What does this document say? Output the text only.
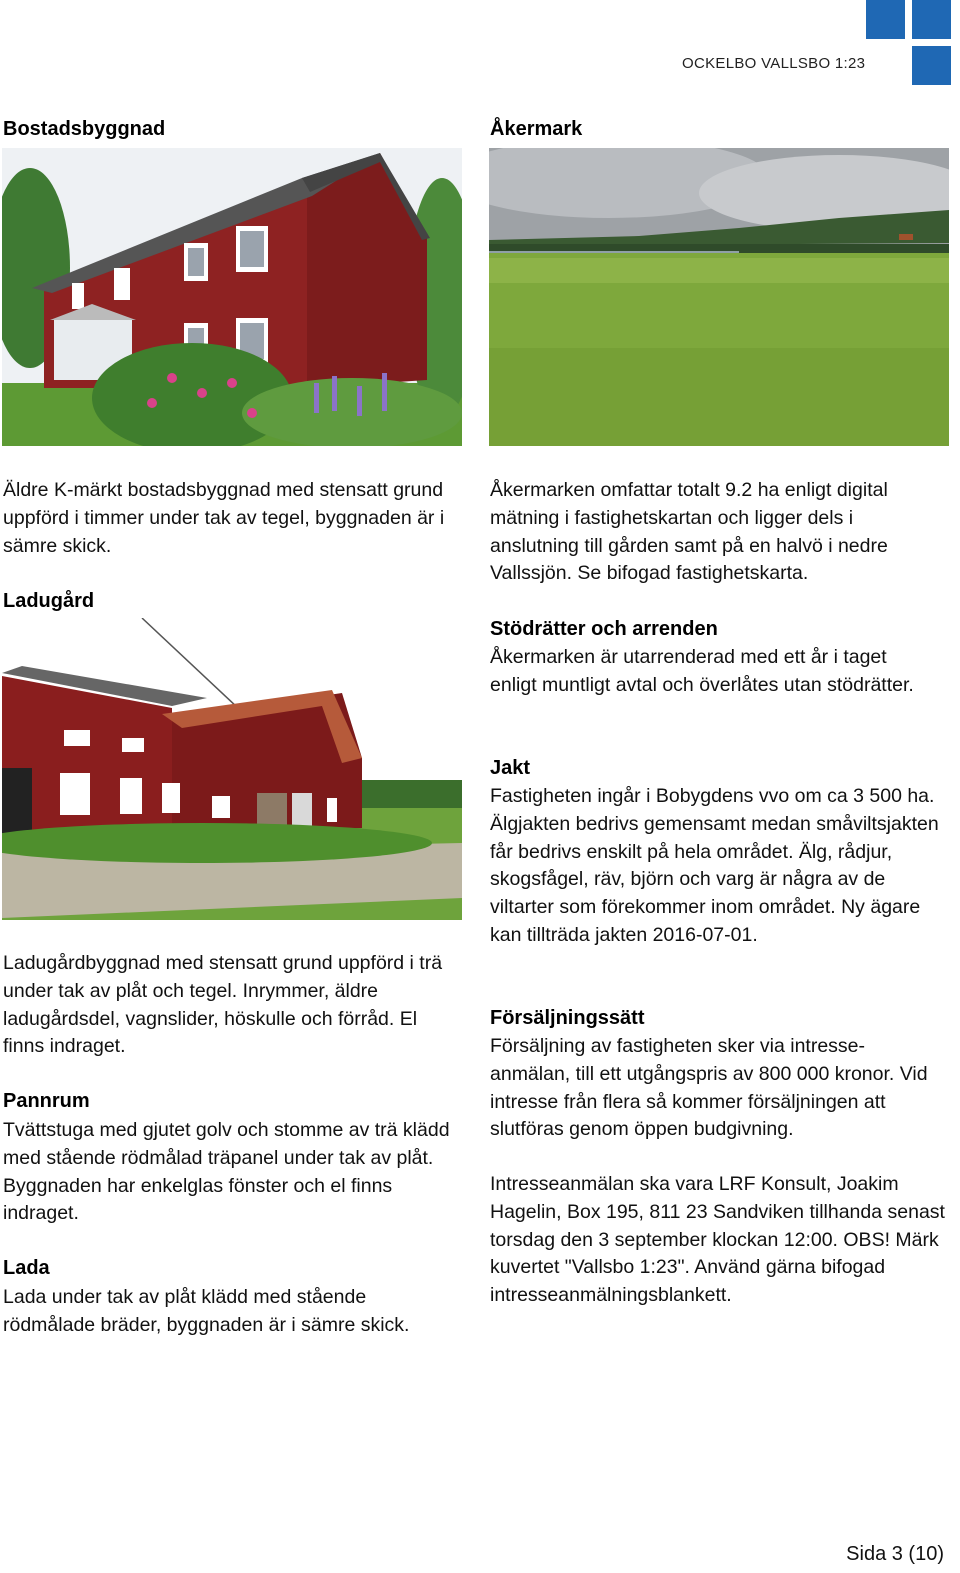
OCKELBO VALLSBO 1:23
Bostadsbyggnad

Äldre K-märkt bostadsbyggnad med stensatt grund uppförd i timmer under tak av tegel, byggnaden är i sämre skick.

Ladugård

Ladugårdbyggnad med stensatt grund uppförd i trä under tak av plåt och tegel. Inrymmer, äldre ladugårdsdel, vagnslider, höskulle och förråd. El finns indraget.

Pannrum

Tvättstuga med gjutet golv och stomme av trä klädd med stående rödmålad träpanel under tak av plåt. Byggnaden har enkelglas fönster och el finns indraget.

Lada

Lada under tak av plåt klädd med stående rödmålade bräder, byggnaden är i sämre skick.

Åkermark

Åkermarken omfattar totalt 9.2 ha enligt digital mätning i fastighetskartan och ligger dels i anslutning till gården samt på en halvö i nedre Vallssjön. Se bifogad fastighetskarta.

Stödrätter och arrenden

Åkermarken är utarrenderad med ett år i taget enligt muntligt avtal och överlåtes utan stödrätter.

Jakt

Fastigheten ingår i Bobygdens vvo om ca 3 500 ha. Älgjakten bedrivs gemensamt medan småviltsjakten får bedrivs enskilt på hela området. Älg, rådjur, skogsfågel, räv, björn och varg är några av de viltarter som förekommer inom området. Ny ägare kan tillträda jakten 2016-07-01.

Försäljningssätt

Försäljning av fastigheten sker via intresse-anmälan, till ett utgångspris av 800 000 kronor. Vid intresse från flera så kommer försäljningen att slutföras genom öppen budgivning.

Intresseanmälan ska vara LRF Konsult, Joakim Hagelin, Box 195, 811 23 Sandviken tillhanda senast torsdag den 3 september klockan 12:00. OBS! Märk kuvertet "Vallsbo 1:23". Använd gärna bifogad intresseanmälningsblankett.

Sida 3 (10)
